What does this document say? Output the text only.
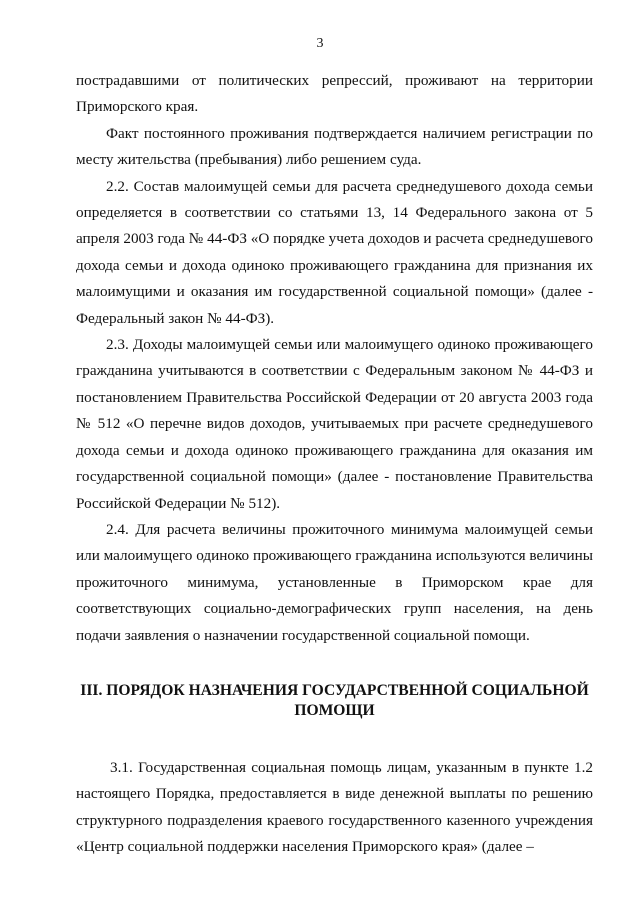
3

пострадавшими от политических репрессий, проживают на территории Приморского края.

Факт постоянного проживания подтверждается наличием регистрации по месту жительства (пребывания) либо решением суда.

2.2. Состав малоимущей семьи для расчета среднедушевого дохода семьи определяется в соответствии со статьями 13, 14 Федерального закона от 5 апреля 2003 года № 44-ФЗ «О порядке учета доходов и расчета среднедушевого дохода семьи и дохода одиноко проживающего гражданина для признания их малоимущими и оказания им государственной социальной помощи» (далее - Федеральный закон № 44-ФЗ).

2.3. Доходы малоимущей семьи или малоимущего одиноко проживающего гражданина учитываются в соответствии с Федеральным законом № 44-ФЗ и постановлением Правительства Российской Федерации от 20 августа 2003 года № 512 «О перечне видов доходов, учитываемых при расчете среднедушевого дохода семьи и дохода одиноко проживающего гражданина для оказания им государственной социальной помощи» (далее - постановление Правительства Российской Федерации № 512).

2.4. Для расчета величины прожиточного минимума малоимущей семьи или малоимущего одиноко проживающего гражданина используются величины прожиточного минимума, установленные в Приморском крае для соответствующих социально-демографических групп населения, на день подачи заявления о назначении государственной социальной помощи.

III. ПОРЯДОК НАЗНАЧЕНИЯ ГОСУДАРСТВЕННОЙ СОЦИАЛЬНОЙ ПОМОЩИ

3.1. Государственная социальная помощь лицам, указанным в пункте 1.2 настоящего Порядка, предоставляется в виде денежной выплаты по решению структурного подразделения краевого государственного казенного учреждения «Центр социальной поддержки населения Приморского края» (далее –
